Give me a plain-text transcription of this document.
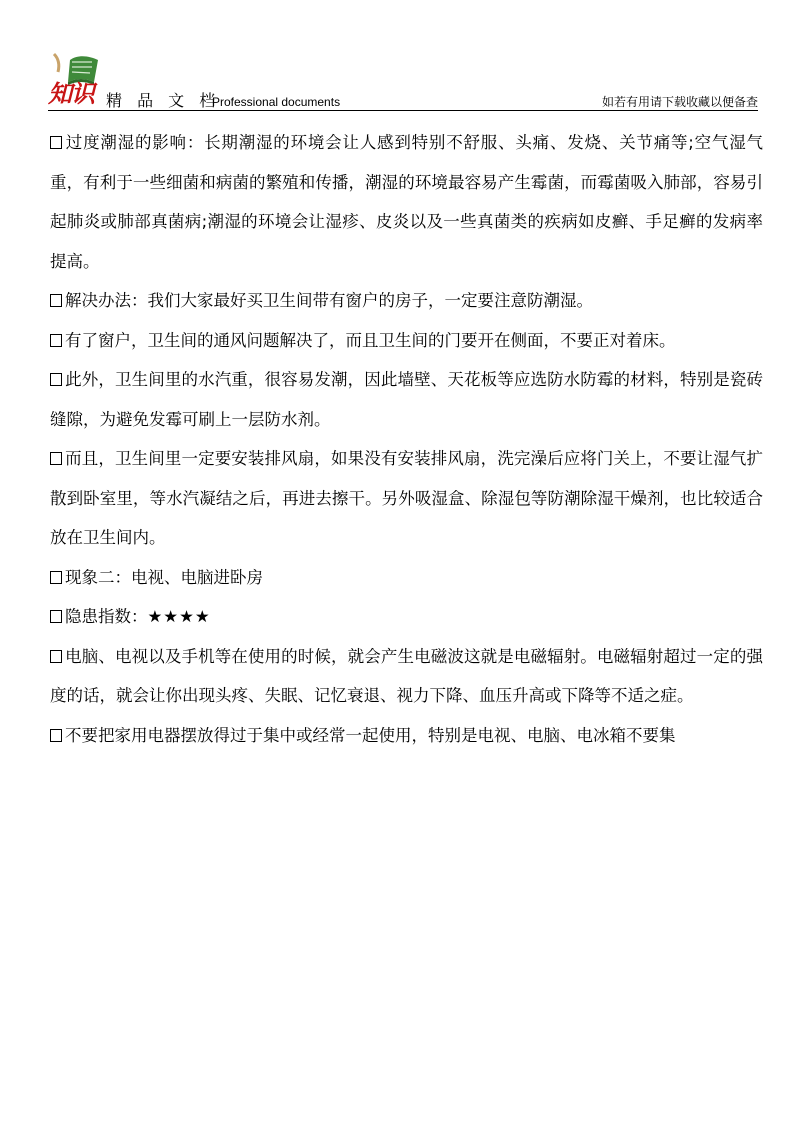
知识 精 品 文 档
Professional documents	如若有用请下载收藏以便备查

过度潮湿的影响：长期潮湿的环境会让人感到特别不舒服、头痛、发烧、关节痛等;空气湿气重，有利于一些细菌和病菌的繁殖和传播，潮湿的环境最容易产生霉菌，而霉菌吸入肺部，容易引起肺炎或肺部真菌病;潮湿的环境会让湿疹、皮炎以及一些真菌类的疾病如皮癣、手足癣的发病率提高。

解决办法：我们大家最好买卫生间带有窗户的房子，一定要注意防潮湿。

有了窗户，卫生间的通风问题解决了，而且卫生间的门要开在侧面，不要正对着床。

此外，卫生间里的水汽重，很容易发潮，因此墙壁、天花板等应选防水防霉的材料，特别是瓷砖缝隙，为避免发霉可刷上一层防水剂。

而且，卫生间里一定要安装排风扇，如果没有安装排风扇，洗完澡后应将门关上，不要让湿气扩散到卧室里，等水汽凝结之后，再进去擦干。另外吸湿盒、除湿包等防潮除湿干燥剂，也比较适合放在卫生间内。

现象二：电视、电脑进卧房

隐患指数：★★★★

电脑、电视以及手机等在使用的时候，就会产生电磁波这就是电磁辐射。电磁辐射超过一定的强度的话，就会让你出现头疼、失眠、记忆衰退、视力下降、血压升高或下降等不适之症。

不要把家用电器摆放得过于集中或经常一起使用，特别是电视、电脑、电冰箱不要集
